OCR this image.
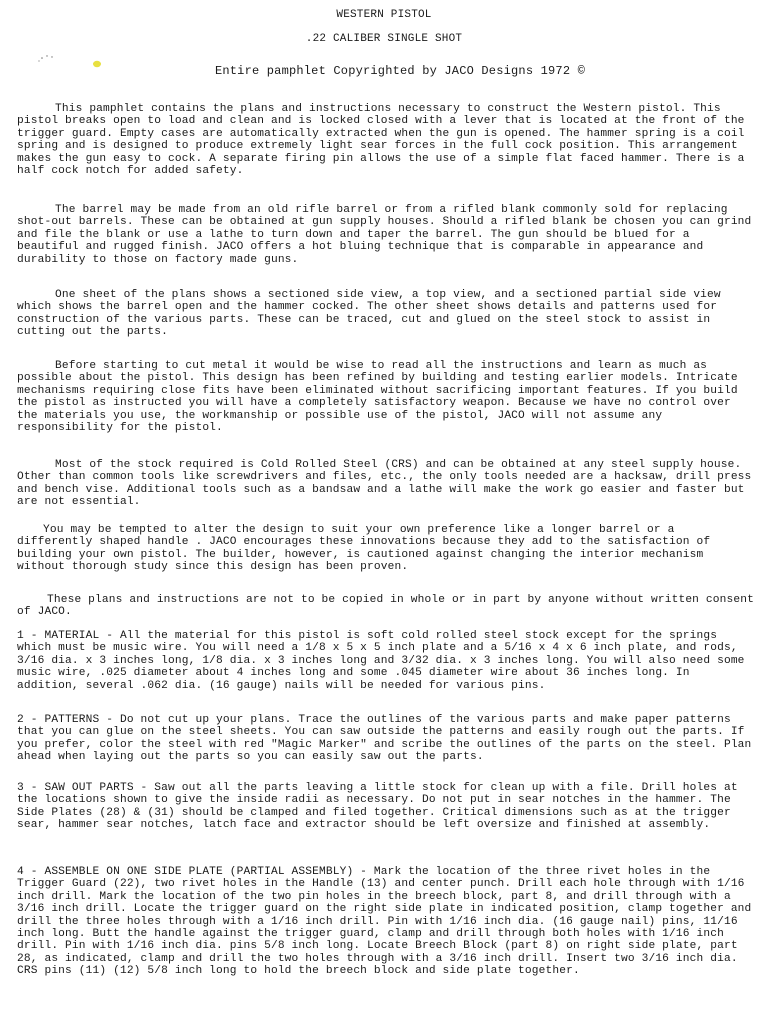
WESTERN PISTOL
.22 CALIBER SINGLE SHOT
Entire pamphlet Copyrighted by JACO Designs 1972 ©
This pamphlet contains the plans and instructions necessary to construct the Western pistol. This pistol breaks open to load and clean and is locked closed with a lever that is located at the front of the trigger guard. Empty cases are automatically extracted when the gun is opened. The hammer spring is a coil spring and is designed to produce extremely light sear forces in the full cock position. This arrangement makes the gun easy to cock. A separate firing pin allows the use of a simple flat faced hammer. There is a half cock notch for added safety.
The barrel may be made from an old rifle barrel or from a rifled blank commonly sold for replacing shot-out barrels. These can be obtained at gun supply houses. Should a rifled blank be chosen you can grind and file the blank or use a lathe to turn down and taper the barrel. The gun should be blued for a beautiful and rugged finish. JACO offers a hot bluing technique that is comparable in appearance and durability to those on factory made guns.
One sheet of the plans shows a sectioned side view, a top view, and a sectioned partial side view which shows the barrel open and the hammer cocked. The other sheet shows details and patterns used for construction of the various parts. These can be traced, cut and glued on the steel stock to assist in cutting out the parts.
Before starting to cut metal it would be wise to read all the instructions and learn as much as possible about the pistol. This design has been refined by building and testing earlier models. Intricate mechanisms requiring close fits have been eliminated without sacrificing important features. If you build the pistol as instructed you will have a completely satisfactory weapon. Because we have no control over the materials you use, the workmanship or possible use of the pistol, JACO will not assume any responsibility for the pistol.
Most of the stock required is Cold Rolled Steel (CRS) and can be obtained at any steel supply house. Other than common tools like screwdrivers and files, etc., the only tools needed are a hacksaw, drill press and bench vise. Additional tools such as a bandsaw and a lathe will make the work go easier and faster but are not essential.
You may be tempted to alter the design to suit your own preference like a longer barrel or a differently shaped handle . JACO encourages these innovations because they add to the satisfaction of building your own pistol. The builder, however, is cautioned against changing the interior mechanism without thorough study since this design has been proven.
These plans and instructions are not to be copied in whole or in part by anyone without written consent of JACO.
1 - MATERIAL - All the material for this pistol is soft cold rolled steel stock except for the springs which must be music wire. You will need a 1/8 x 5 x 5 inch plate and a 5/16 x 4 x 6 inch plate, and rods, 3/16 dia. x 3 inches long, 1/8 dia. x 3 inches long and 3/32 dia. x 3 inches long. You will also need some music wire, .025 diameter about 4 inches long and some .045 diameter wire about 36 inches long. In addition, several .062 dia. (16 gauge) nails will be needed for various pins.
2 - PATTERNS - Do not cut up your plans. Trace the outlines of the various parts and make paper patterns that you can glue on the steel sheets. You can saw outside the patterns and easily rough out the parts. If you prefer, color the steel with red "Magic Marker" and scribe the outlines of the parts on the steel. Plan ahead when laying out the parts so you can easily saw out the parts.
3 - SAW OUT PARTS - Saw out all the parts leaving a little stock for clean up with a file. Drill holes at the locations shown to give the inside radii as necessary. Do not put in sear notches in the hammer. The Side Plates (28) & (31) should be clamped and filed together. Critical dimensions such as at the trigger sear, hammer sear notches, latch face and extractor should be left oversize and finished at assembly.
4 - ASSEMBLE ON ONE SIDE PLATE (PARTIAL ASSEMBLY) - Mark the location of the three rivet holes in the Trigger Guard (22), two rivet holes in the Handle (13) and center punch. Drill each hole through with 1/16 inch drill. Mark the location of the two pin holes in the breech block, part 8, and drill through with a 3/16 inch drill. Locate the trigger guard on the right side plate in indicated position, clamp together and drill the three holes through with a 1/16 inch drill. Pin with 1/16 inch dia. (16 gauge nail) pins, 11/16 inch long. Butt the handle against the trigger guard, clamp and drill through both holes with 1/16 inch drill. Pin with 1/16 inch dia. pins 5/8 inch long. Locate Breech Block (part 8) on right side plate, part 28, as indicated, clamp and drill the two holes through with a 3/16 inch drill. Insert two 3/16 inch dia. CRS pins (11) (12) 5/8 inch long to hold the breech block and side plate together.
